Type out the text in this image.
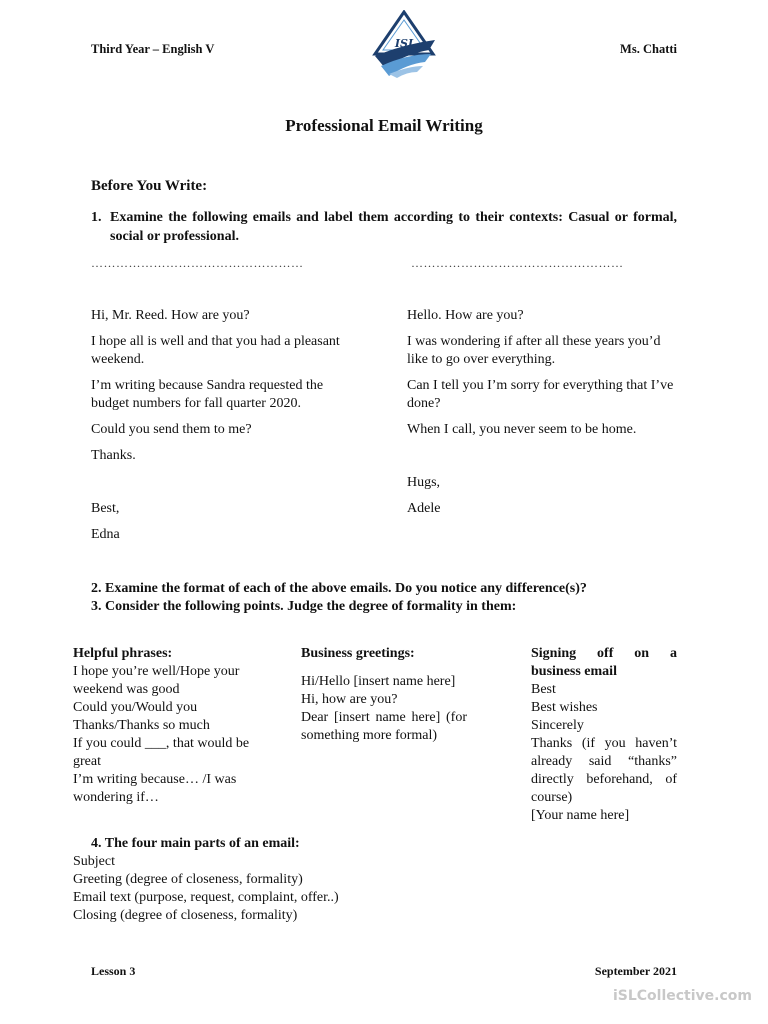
Third Year – English V	ISI	Ms. Chatti
Professional Email Writing
Before You Write:
1. Examine the following emails and label them according to their contexts: Casual or formal, social or professional.
……………………………………………	……………………………………………
Hi, Mr. Reed. How are you?
I hope all is well and that you had a pleasant weekend.
I’m writing because Sandra requested the budget numbers for fall quarter 2020.
Could you send them to me?
Thanks.
Best,
Edna
Hello. How are you?
I was wondering if after all these years you’d like to go over everything.
Can I tell you I’m sorry for everything that I’ve done?
When I call, you never seem to be home.
Hugs,
Adele
2. Examine the format of each of the above emails. Do you notice any difference(s)?
3. Consider the following points. Judge the degree of formality in them:

Helpful phrases:

I hope you’re well/Hope your weekend was good

Could you/Would you

Thanks/Thanks so much

If you could ___, that would be great

I’m writing because… /I was wondering if…

Business greetings:

Hi/Hello [insert name here]

Hi, how are you?

Dear [insert name here] (for something more formal)

Signing off on a business email

Best

Best wishes

Sincerely

Thanks (if you haven’t already said “thanks” directly beforehand, of course)

[Your name here]

4. The four main parts of an email:

Subject

Greeting (degree of closeness, formality)

Email text (purpose, request, complaint, offer..)

Closing (degree of closeness, formality)

Lesson 3	September 2021
iSLCollective.com
